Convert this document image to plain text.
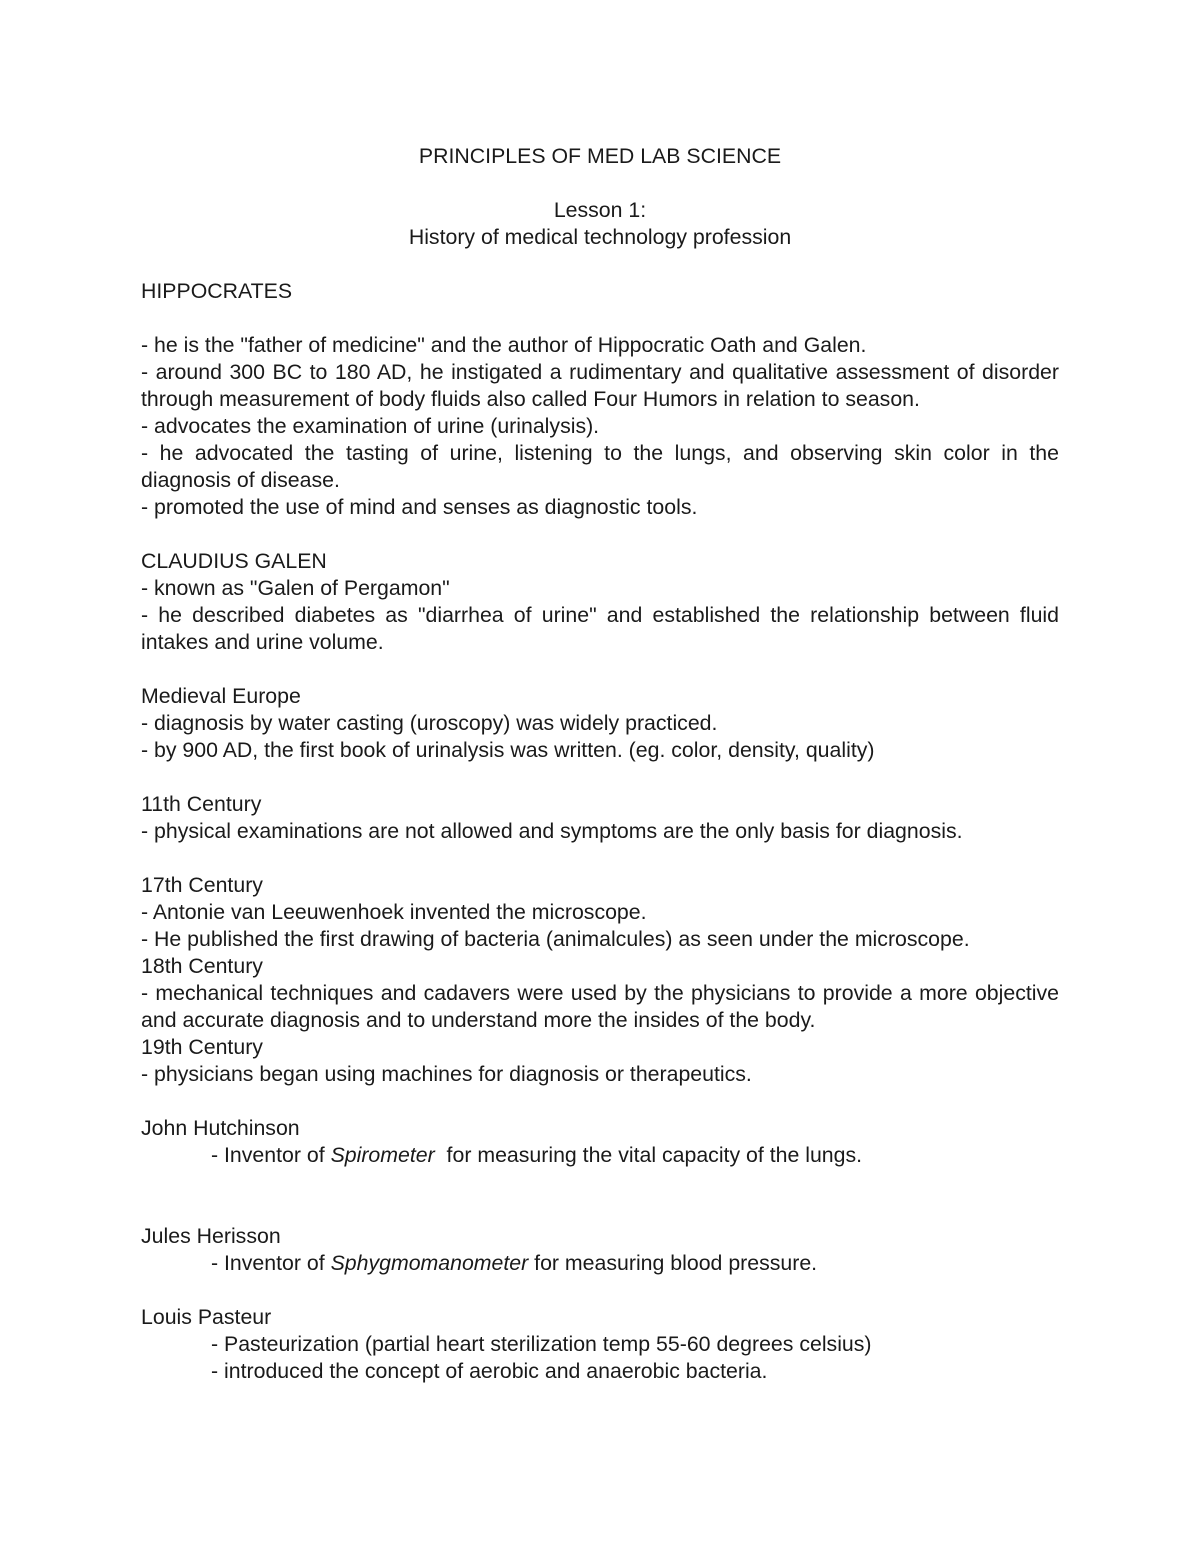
PRINCIPLES OF MED LAB SCIENCE

Lesson 1:

History of medical technology profession

HIPPOCRATES

- he is the "father of medicine" and the author of Hippocratic Oath and Galen.

- around 300 BC to 180 AD, he instigated a rudimentary and qualitative assessment of disorder through measurement of body fluids also called Four Humors in relation to season.

- advocates the examination of urine (urinalysis).

- he advocated the tasting of urine, listening to the lungs, and observing skin color in the diagnosis of disease.

- promoted the use of mind and senses as diagnostic tools.

CLAUDIUS GALEN

- known as "Galen of Pergamon"

- he described diabetes as "diarrhea of urine" and established the relationship between fluid intakes and urine volume.

Medieval Europe

- diagnosis by water casting (uroscopy) was widely practiced.

- by 900 AD, the first book of urinalysis was written. (eg. color, density, quality)

11th Century

- physical examinations are not allowed and symptoms are the only basis for diagnosis.

17th Century

- Antonie van Leeuwenhoek invented the microscope.

- He published the first drawing of bacteria (animalcules) as seen under the microscope.

18th Century

- mechanical techniques and cadavers were used by the physicians to provide a more objective and accurate diagnosis and to understand more the insides of the body.

19th Century

- physicians began using machines for diagnosis or therapeutics.

John Hutchinson

- Inventor of Spirometer  for measuring the vital capacity of the lungs.

Jules Herisson

- Inventor of Sphygmomanometer for measuring blood pressure.

Louis Pasteur

- Pasteurization (partial heart sterilization temp 55-60 degrees celsius)

- introduced the concept of aerobic and anaerobic bacteria.
